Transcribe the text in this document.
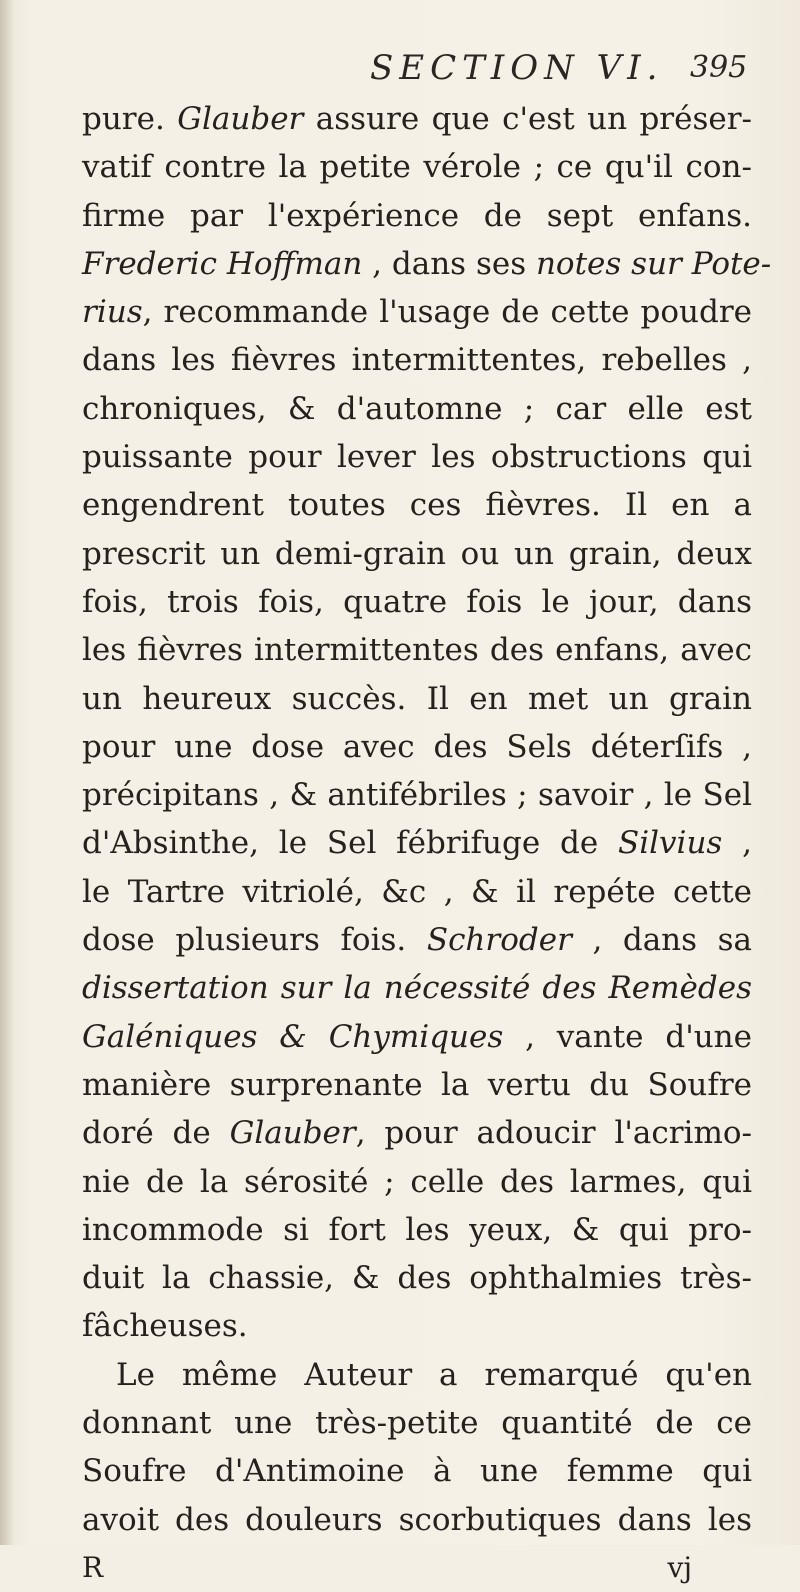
SECTION VI. 395
pure. Glauber assure que c'est un préser-
vatif contre la petite vérole ; ce qu'il con-
firme par l'expérience de sept enfans.
Frederic Hoffman , dans ses notes sur Pote-
rius, recommande l'usage de cette poudre
dans les fièvres intermittentes, rebelles ,
chroniques, & d'automne ; car elle est
puissante pour lever les obstructions qui
engendrent toutes ces fièvres. Il en a
prescrit un demi-grain ou un grain, deux
fois, trois fois, quatre fois le jour, dans
les fièvres intermittentes des enfans, avec
un heureux succès. Il en met un grain
pour une dose avec des Sels déterſifs ,
précipitans , & antifébriles ; savoir , le Sel
d'Absinthe, le Sel fébrifuge de Silvius ,
le Tartre vitriolé, &c , & il repéte cette
dose plusieurs fois. Schroder , dans sa
dissertation sur la nécessité des Remèdes
Galéniques & Chymiques , vante d'une
manière surprenante la vertu du Soufre
doré de Glauber, pour adoucir l'acrimo-
nie de la sérosité ; celle des larmes, qui
incommode si fort les yeux, & qui pro-
duit la chassie, & des ophthalmies très-
fâcheuses.
Le même Auteur a remarqué qu'en
donnant une très-petite quantité de ce
Soufre d'Antimoine à une femme qui
avoit des douleurs scorbutiques dans les
R vj
